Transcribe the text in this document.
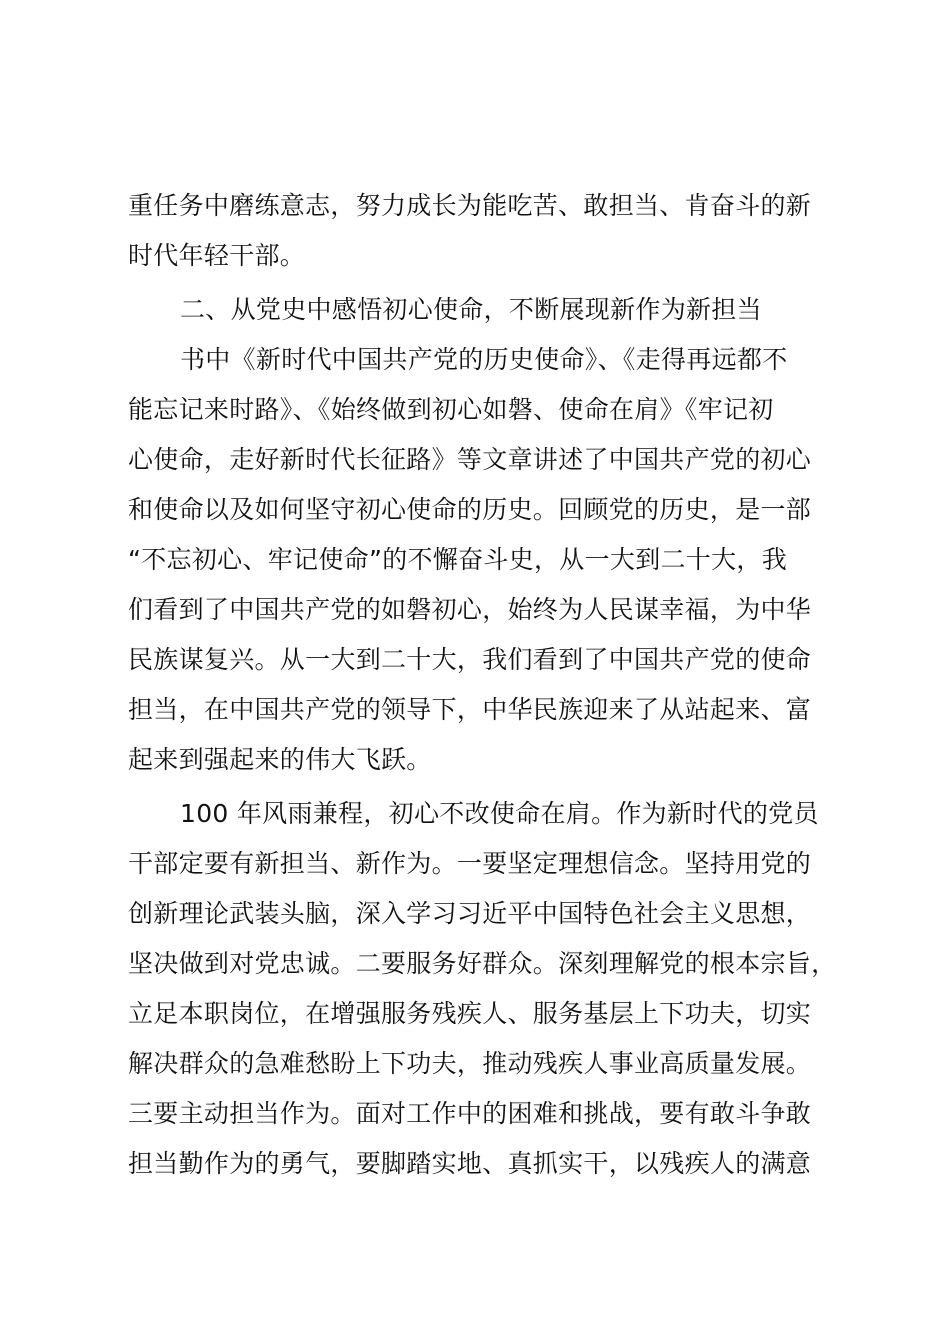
重任务中磨练意志，努力成长为能吃苦、敢担当、肯奋斗的新
时代年轻干部。
二、从党史中感悟初心使命，不断展现新作为新担当
书中《新时代中国共产党的历史使命》、《走得再远都不
能忘记来时路》、《始终做到初心如磐、使命在肩》《牢记初
心使命，走好新时代长征路》等文章讲述了中国共产党的初心
和使命以及如何坚守初心使命的历史。回顾党的历史，是一部
“不忘初心、牢记使命”的不懈奋斗史，从一大到二十大，我
们看到了中国共产党的如磐初心，始终为人民谋幸福，为中华
民族谋复兴。从一大到二十大，我们看到了中国共产党的使命
担当，在中国共产党的领导下，中华民族迎来了从站起来、富
起来到强起来的伟大飞跃。
100 年风雨兼程，初心不改使命在肩。作为新时代的党员
干部定要有新担当、新作为。一要坚定理想信念。坚持用党的
创新理论武装头脑，深入学习习近平中国特色社会主义思想，
坚决做到对党忠诚。二要服务好群众。深刻理解党的根本宗旨，
立足本职岗位，在增强服务残疾人、服务基层上下功夫，切实
解决群众的急难愁盼上下功夫，推动残疾人事业高质量发展。
三要主动担当作为。面对工作中的困难和挑战，要有敢斗争敢
担当勤作为的勇气，要脚踏实地、真抓实干，以残疾人的满意
